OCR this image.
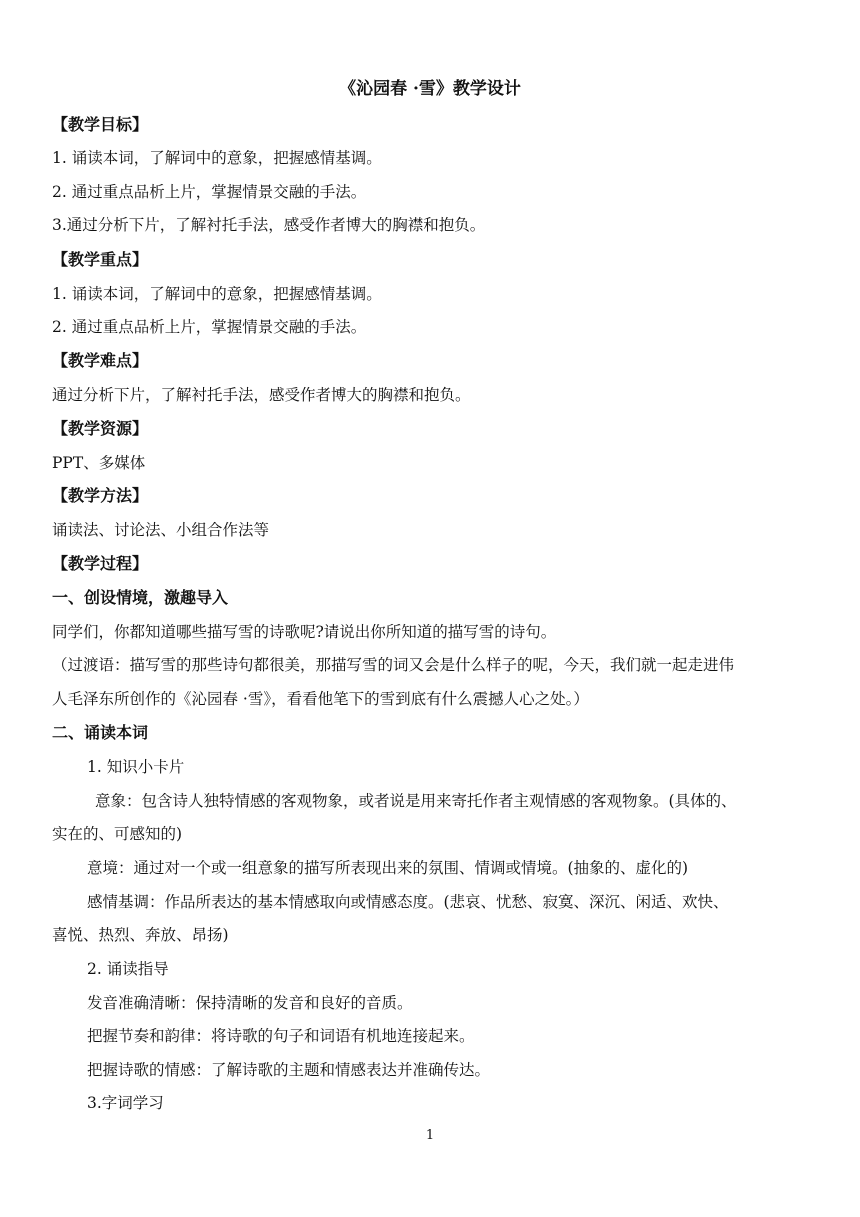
《沁园春 ·雪》教学设计
【教学目标】
1. 诵读本词，了解词中的意象，把握感情基调。
2. 通过重点品析上片，掌握情景交融的手法。
3.通过分析下片，了解衬托手法，感受作者博大的胸襟和抱负。
【教学重点】
1. 诵读本词，了解词中的意象，把握感情基调。
2. 通过重点品析上片，掌握情景交融的手法。
【教学难点】
通过分析下片，了解衬托手法，感受作者博大的胸襟和抱负。
【教学资源】
PPT、多媒体
【教学方法】
诵读法、讨论法、小组合作法等
【教学过程】
一、创设情境，激趣导入
同学们，你都知道哪些描写雪的诗歌呢?请说出你所知道的描写雪的诗句。
（过渡语：描写雪的那些诗句都很美，那描写雪的词又会是什么样子的呢，今天，我们就一起走进伟
人毛泽东所创作的《沁园春 ·雪》，看看他笔下的雪到底有什么震撼人心之处。）
二、诵读本词
1. 知识小卡片
意象：包含诗人独特情感的客观物象，或者说是用来寄托作者主观情感的客观物象。(具体的、
实在的、可感知的)
意境：通过对一个或一组意象的描写所表现出来的氛围、情调或情境。(抽象的、虚化的)
感情基调：作品所表达的基本情感取向或情感态度。(悲哀、忧愁、寂寞、深沉、闲适、欢快、
喜悦、热烈、奔放、昂扬)
2. 诵读指导
发音准确清晰：保持清晰的发音和良好的音质。
把握节奏和韵律：将诗歌的句子和词语有机地连接起来。
把握诗歌的情感：了解诗歌的主题和情感表达并准确传达。
3.字词学习
1
